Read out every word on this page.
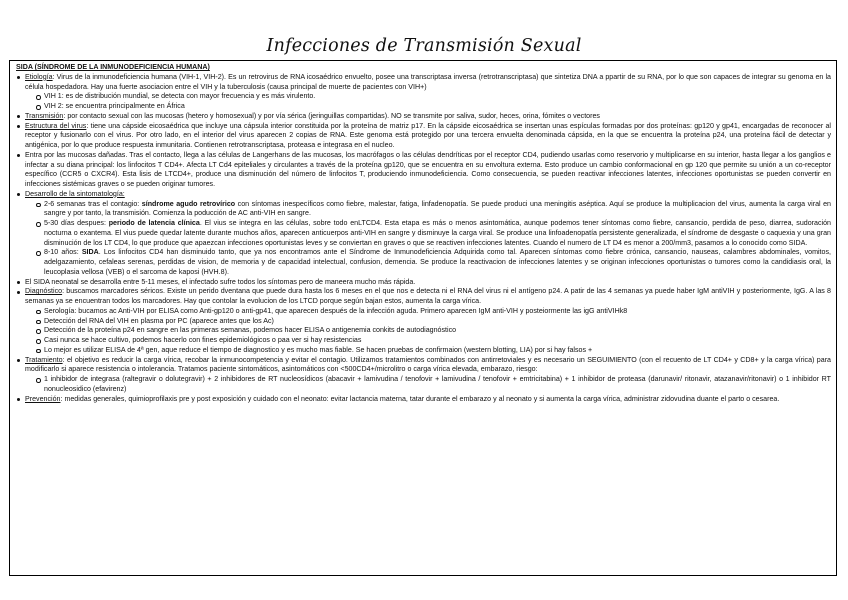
Infecciones de Transmisión Sexual
SIDA (SÍNDROME DE LA INMUNODEFICIENCIA HUMANA)
Etiología: Virus de la inmunodeficiencia humana (VIH-1, VIH-2). Es un retrovirus de RNA icosaédrico envuelto, posee una transcriptasa inversa (retrotranscriptasa) que sintetiza DNA a ppartir de su RNA, por lo que son capaces de integrar su genoma en la célula hospedadora. Hay una fuerte asociacion entre el VIH y la tuberculosis (causa principal de muerte de pacientes con VIH+)
VIH 1: es de distribución mundial, se detecta con mayor frecuencia y es más virulento.
VIH 2: se encuentra principalmente en África
Transmisión: por contacto sexual con las mucosas (hetero y homosexual) y por vía sérica (jeringuillas compartidas). NO se transmite por saliva, sudor, heces, orina, fómites o vectores
Estructura del virus: tiene una cápside eicosaédrica que incluye una cápsula interior constituida por la proteína de matriz p17. En la cápside eicosaédrica se insertan unas espículas formadas por dos proteínas: gp120 y gp41, encargadas de reconocer al receptor y fusionarlo con el virus. Por otro lado, en el interior del virus aparecen 2 copias de RNA. Este genoma está protegido por una tercera envuelta denominada cápsida, en la que se encuentra la proteína p24, una proteína fácil de detectar y antigénica, por lo que produce respuesta inmunitaria. Contienen retrotranscriptasa, proteasa e integrasa en el nucleo.
Entra por las mucosas dañadas. Tras el contacto, llega a las células de Langerhans de las mucosas, los macrófagos o las células dendríticas por el receptor CD4, pudiendo usarlas como reservorio y multiplicarse en su interior, hasta llegar a los ganglios e infectar a su diana principal: los linfocitos T CD4+. Afecta LT Cd4 epiteliales y circulantes a través de la proteína gp120, que se encuentra en su envoltura externa. Esto produce un cambio conformacional en gp 120 que permite su unión a un co-receptor específico (CCR5 o CXCR4). Esta lisis de LTCD4+, produce una disminución del número de linfocitos T, produciendo inmunodeficiencia. Como consecuencia, se pueden reactivar infecciones latentes, infecciones oportunistas se pueden convertir en infecciones sistémicas graves o se pueden originar tumores.
Desarrollo de la sintomatología:
2-6 semanas tras el contagio: síndrome agudo retrovírico con síntomas inespecíficos como fiebre, malestar, fatiga, linfadenopatía. Se puede produci una meningitis aséptica. Aquí se produce la multiplicacion del virus, aumenta la carga viral en sangre y por tanto, la transmisión. Comienza la poducción de AC anti-VIH en sangre.
5-30 días despues: periodo de latencia clínica. El vius se integra en las células, sobre todo enLTCD4. Esta etapa es más o menos asintomática, aunque podemos tener síntomas como fiebre, cansancio, perdida de peso, diarrea, sudoración nocturna o exantema. El vius puede quedar latente durante muchos años, aparecen anticuerpos anti-VIH en sangre y disminuye la carga viral. Se produce una linfoadenopatía persistente generalizada, el síndrome de desgaste o caquexia y una gran disminución de los LT CD4, lo que produce que apaezcan infecciones oportunistas leves y se conviertan en graves o que se reactiven infecciones latentes. Cuando el numero de LT D4 es menor a 200/mm3, pasamos a lo conocido como SIDA.
8-10 años: SIDA. Los linfocitos CD4 han disminuido tanto, que ya nos encontramos ante el Síndrome de Inmunodeficiencia Adquirida como tal. Aparecen síntomas como fiebre crónica, cansancio, nauseas, calambres abdominales, vomitos, adelgazamiento, cefaleas serenas, perdidas de vision, de memoria y de capacidad intelectual, confusion, demencia. Se produce la reactivacion de infecciones latentes y se originan infecciones oportunistas o tumores como la candidiasis oral, la leucoplasia vellosa (VEB) o el sarcoma de kaposi (HVH.8).
El SIDA neonatal se desarrolla entre 5-11 meses, el infectado sufre todos los síntomas pero de maneera mucho más rápida.
Diagnóstico: buscamos marcadores séricos. Existe un perido dventana que puede dura hasta los 6 meses en el que nos e detecta ni el RNA del virus ni el antígeno p24. A patir de las 4 semanas ya puede haber IgM antiVIH y posteriormente, IgG. A las 8 semanas ya se encuentran todos los marcadores. Hay que contolar la evolucion de los LTCD porque según bajan estos, aumenta la carga vírica.
Serología: bucamos ac Anti-VIH por ELISA como Anti-gp120 o anti-gp41, que aparecen después de la infección aguda. Primero aparecen IgM anti-VIH y posteiormente las igG antiVIHk8
Detección del RNA del VIH en plasma por PC (aparece antes que los Ac)
Detección de la proteína p24 en sangre en las primeras semanas, podemos hacer ELISA o antigenemia conkits de autodiagnóstico
Casi nunca se hace cultivo, podemos hacerlo con fines epidemiológicos o paa ver si hay resistencias
Lo mejor es utilizar ELISA de 4ª gen, aque reduce el tiempo de diagnostico y es mucho mas fiable. Se hacen pruebas de confirmaion (western blotting, LIA) por si hay falsos +
Tratamiento: el objetivo es reducir la carga vírica, recobar la inmunocompetencia y evitar el contagio. Utilizamos tratamientos combinados con antirretoviales y es necesario un SEGUIMIENTO (con el recuento de LT CD4+ y CD8+ y la carga vírica) para modificarlo si aparece resistencia o intolerancia. Tratamos paciente sintomáticos, asintomáticos con <500CD4+/microlitro o carga vírica elevada, embarazo, riesgo:
1 inhibidor de integrasa (raltegravir o dolutegravir) + 2 inhibidores de RT nucleosídicos (abacavir + lamivudina / tenofovir + lamivudina / tenofovir + emtricitabina) + 1 inhibidor de proteasa (darunavir/ ritonavir, atazanavir/ritonavir) o 1 inhibidor RT nonucleosidico (efavirenz)
Prevención: medidas generales, quimioprofilaxis pre y post exposición y cuidado con el neonato: evitar lactancia materna, tatar durante el embarazo y al neonato y si aumenta la carga vírica, administrar zidovudina duante el parto o cesarea.
